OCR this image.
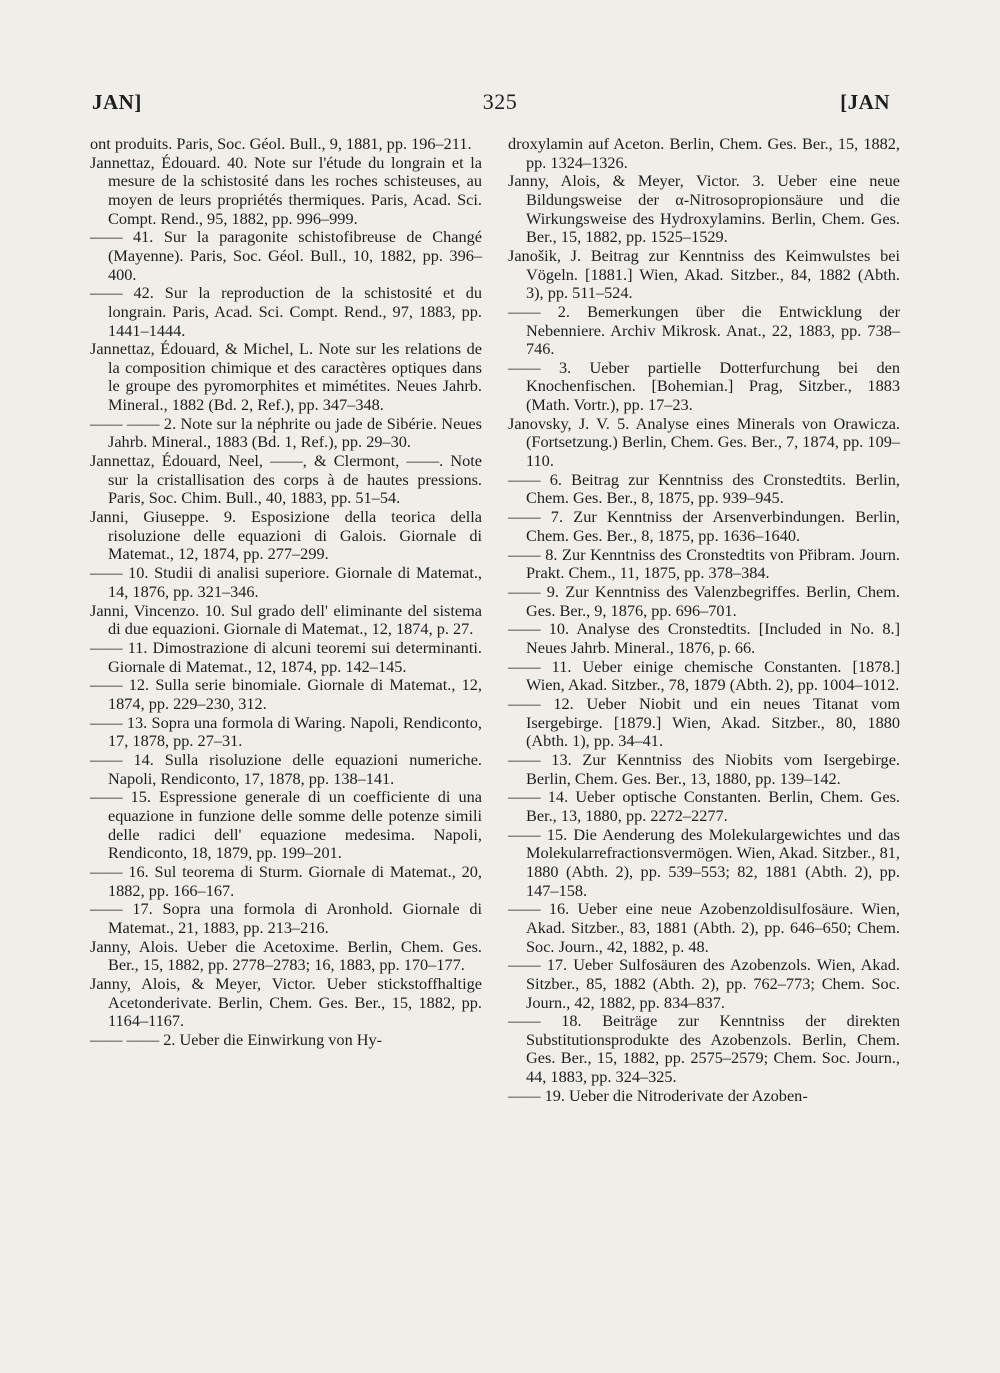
JAN]	325	[JAN

ont produits. Paris, Soc. Géol. Bull., 9, 1881, pp. 196–211.

Jannettaz, Édouard. 40. Note sur l'étude du longrain et la mesure de la schistosité dans les roches schisteuses, au moyen de leurs propriétés thermiques. Paris, Acad. Sci. Compt. Rend., 95, 1882, pp. 996–999.

—— 41. Sur la paragonite schistofibreuse de Changé (Mayenne). Paris, Soc. Géol. Bull., 10, 1882, pp. 396–400.

—— 42. Sur la reproduction de la schistosité et du longrain. Paris, Acad. Sci. Compt. Rend., 97, 1883, pp. 1441–1444.

Jannettaz, Édouard, & Michel, L. Note sur les relations de la composition chimique et des caractères optiques dans le groupe des pyromorphites et mimétites. Neues Jahrb. Mineral., 1882 (Bd. 2, Ref.), pp. 347–348.

—— —— 2. Note sur la néphrite ou jade de Sibérie. Neues Jahrb. Mineral., 1883 (Bd. 1, Ref.), pp. 29–30.

Jannettaz, Édouard, Neel, ——, & Clermont, ——. Note sur la cristallisation des corps à de hautes pressions. Paris, Soc. Chim. Bull., 40, 1883, pp. 51–54.

Janni, Giuseppe. 9. Esposizione della teorica della risoluzione delle equazioni di Galois. Giornale di Matemat., 12, 1874, pp. 277–299.

—— 10. Studii di analisi superiore. Giornale di Matemat., 14, 1876, pp. 321–346.

Janni, Vincenzo. 10. Sul grado dell' eliminante del sistema di due equazioni. Giornale di Matemat., 12, 1874, p. 27.

—— 11. Dimostrazione di alcuni teoremi sui determinanti. Giornale di Matemat., 12, 1874, pp. 142–145.

—— 12. Sulla serie binomiale. Giornale di Matemat., 12, 1874, pp. 229–230, 312.

—— 13. Sopra una formola di Waring. Napoli, Rendiconto, 17, 1878, pp. 27–31.

—— 14. Sulla risoluzione delle equazioni numeriche. Napoli, Rendiconto, 17, 1878, pp. 138–141.

—— 15. Espressione generale di un coefficiente di una equazione in funzione delle somme delle potenze simili delle radici dell' equazione medesima. Napoli, Rendiconto, 18, 1879, pp. 199–201.

—— 16. Sul teorema di Sturm. Giornale di Matemat., 20, 1882, pp. 166–167.

—— 17. Sopra una formola di Aronhold. Giornale di Matemat., 21, 1883, pp. 213–216.

Janny, Alois. Ueber die Acetoxime. Berlin, Chem. Ges. Ber., 15, 1882, pp. 2778–2783; 16, 1883, pp. 170–177.

Janny, Alois, & Meyer, Victor. Ueber stickstoffhaltige Acetonderivate. Berlin, Chem. Ges. Ber., 15, 1882, pp. 1164–1167.

—— —— 2. Ueber die Einwirkung von Hy-

droxylamin auf Aceton. Berlin, Chem. Ges. Ber., 15, 1882, pp. 1324–1326.

Janny, Alois, & Meyer, Victor. 3. Ueber eine neue Bildungsweise der α-Nitrosopropionsäure und die Wirkungsweise des Hydroxylamins. Berlin, Chem. Ges. Ber., 15, 1882, pp. 1525–1529.

Janošik, J. Beitrag zur Kenntniss des Keimwulstes bei Vögeln. [1881.] Wien, Akad. Sitzber., 84, 1882 (Abth. 3), pp. 511–524.

—— 2. Bemerkungen über die Entwicklung der Nebenniere. Archiv Mikrosk. Anat., 22, 1883, pp. 738–746.

—— 3. Ueber partielle Dotterfurchung bei den Knochenfischen. [Bohemian.] Prag, Sitzber., 1883 (Math. Vortr.), pp. 17–23.

Janovsky, J. V. 5. Analyse eines Minerals von Orawicza. (Fortsetzung.) Berlin, Chem. Ges. Ber., 7, 1874, pp. 109–110.

—— 6. Beitrag zur Kenntniss des Cronstedtits. Berlin, Chem. Ges. Ber., 8, 1875, pp. 939–945.

—— 7. Zur Kenntniss der Arsenverbindungen. Berlin, Chem. Ges. Ber., 8, 1875, pp. 1636–1640.

—— 8. Zur Kenntniss des Cronstedtits von Přibram. Journ. Prakt. Chem., 11, 1875, pp. 378–384.

—— 9. Zur Kenntniss des Valenzbegriffes. Berlin, Chem. Ges. Ber., 9, 1876, pp. 696–701.

—— 10. Analyse des Cronstedtits. [Included in No. 8.] Neues Jahrb. Mineral., 1876, p. 66.

—— 11. Ueber einige chemische Constanten. [1878.] Wien, Akad. Sitzber., 78, 1879 (Abth. 2), pp. 1004–1012.

—— 12. Ueber Niobit und ein neues Titanat vom Isergebirge. [1879.] Wien, Akad. Sitzber., 80, 1880 (Abth. 1), pp. 34–41.

—— 13. Zur Kenntniss des Niobits vom Isergebirge. Berlin, Chem. Ges. Ber., 13, 1880, pp. 139–142.

—— 14. Ueber optische Constanten. Berlin, Chem. Ges. Ber., 13, 1880, pp. 2272–2277.

—— 15. Die Aenderung des Molekulargewichtes und das Molekularrefractionsvermögen. Wien, Akad. Sitzber., 81, 1880 (Abth. 2), pp. 539–553; 82, 1881 (Abth. 2), pp. 147–158.

—— 16. Ueber eine neue Azobenzoldisulfosäure. Wien, Akad. Sitzber., 83, 1881 (Abth. 2), pp. 646–650; Chem. Soc. Journ., 42, 1882, p. 48.

—— 17. Ueber Sulfosäuren des Azobenzols. Wien, Akad. Sitzber., 85, 1882 (Abth. 2), pp. 762–773; Chem. Soc. Journ., 42, 1882, pp. 834–837.

—— 18. Beiträge zur Kenntniss der direkten Substitutionsprodukte des Azobenzols. Berlin, Chem. Ges. Ber., 15, 1882, pp. 2575–2579; Chem. Soc. Journ., 44, 1883, pp. 324–325.

—— 19. Ueber die Nitroderivate der Azoben-
